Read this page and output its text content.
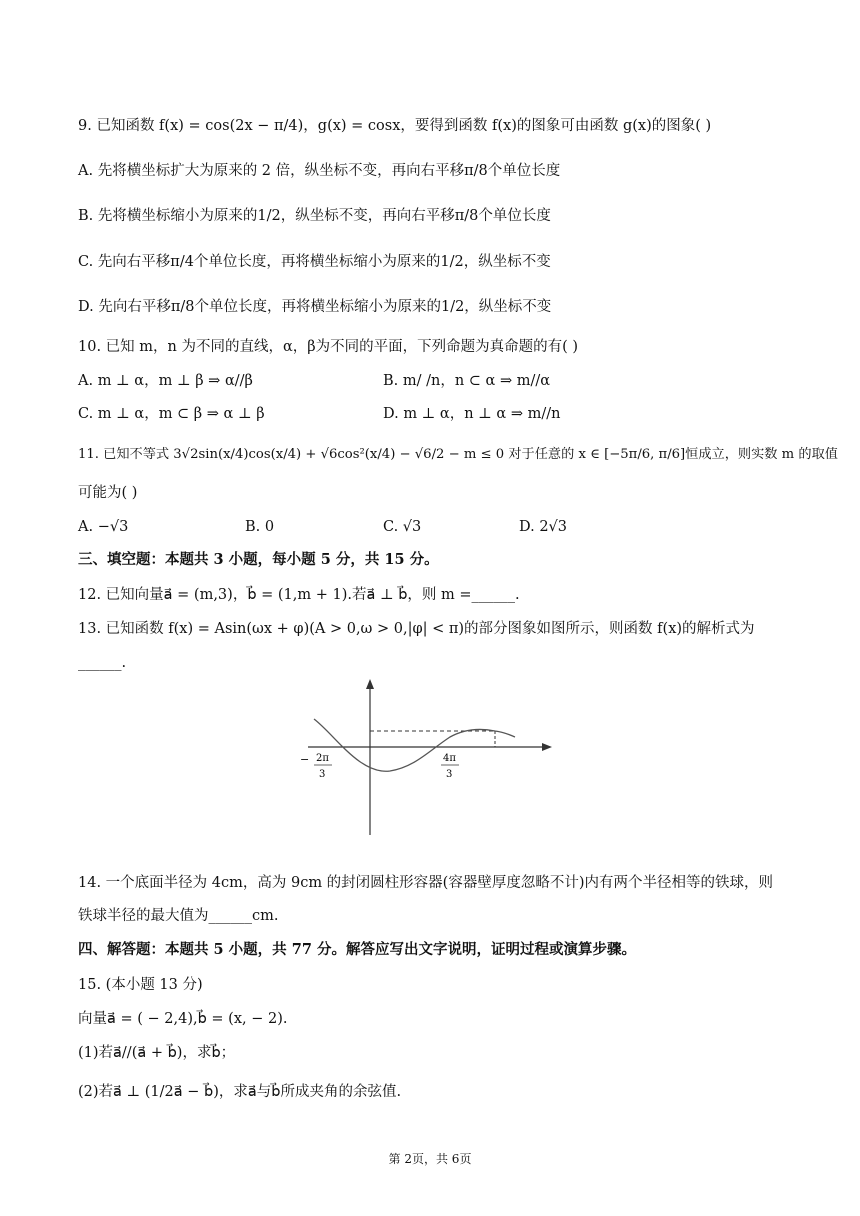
9. 已知函数 f(x) = cos(2x − π/4)，g(x) = cosx，要得到函数 f(x)的图象可由函数 g(x)的图象( )
A. 先将横坐标扩大为原来的 2 倍，纵坐标不变，再向右平移π/8个单位长度
B. 先将横坐标缩小为原来的1/2，纵坐标不变，再向右平移π/8个单位长度
C. 先向右平移π/4个单位长度，再将横坐标缩小为原来的1/2，纵坐标不变
D. 先向右平移π/8个单位长度，再将横坐标缩小为原来的1/2，纵坐标不变
10. 已知 m，n 为不同的直线，α，β为不同的平面，下列命题为真命题的有( )
A. m ⊥ α，m ⊥ β ⇒ α//β	B. m/ /n，n ⊂ α ⇒ m//α
C. m ⊥ α，m ⊂ β ⇒ α ⊥ β	D. m ⊥ α，n ⊥ α ⇒ m//n
11. 已知不等式 3√2sin(x/4)cos(x/4) + √6cos²(x/4) − √6/2 − m ≤ 0 对于任意的 x ∈ [−5π/6, π/6]恒成立，则实数 m 的取值
可能为( )
A. −√3	B. 0	C. √3	D. 2√3
三、填空题：本题共 3 小题，每小题 5 分，共 15 分。
12. 已知向量a⃗ = (m,3)，b⃗ = (1,m + 1).若a⃗ ⊥ b⃗，则 m =______.
13. 已知函数 f(x) = Asin(ωx + φ)(A > 0,ω > 0,|φ| < π)的部分图象如图所示，则函数 f(x)的解析式为
______.
− 2π
3
4π
3
14. 一个底面半径为 4cm，高为 9cm 的封闭圆柱形容器(容器壁厚度忽略不计)内有两个半径相等的铁球，则
铁球半径的最大值为______cm.
四、解答题：本题共 5 小题，共 77 分。解答应写出文字说明，证明过程或演算步骤。
15. (本小题 13 分)
向量a⃗ = ( − 2,4),b⃗ = (x, − 2).
(1)若a⃗//(a⃗ + b⃗)，求b⃗；
(2)若a⃗ ⊥ (1/2a⃗ − b⃗)，求a⃗与b⃗所成夹角的余弦值.
第 2页，共 6页
